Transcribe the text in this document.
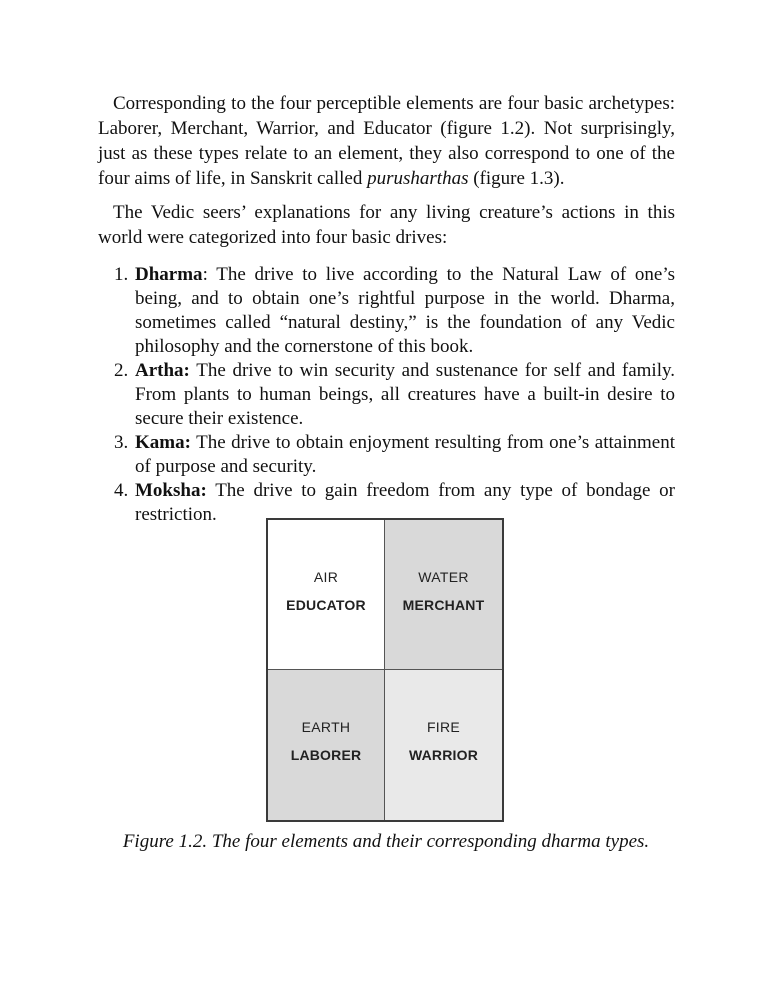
Corresponding to the four perceptible elements are four basic archetypes: Laborer, Merchant, Warrior, and Educator (figure 1.2). Not surprisingly, just as these types relate to an element, they also correspond to one of the four aims of life, in Sanskrit called purusharthas (figure 1.3).

The Vedic seers’ explanations for any living creature’s actions in this world were categorized into four basic drives:

1. Dharma: The drive to live according to the Natural Law of one’s being, and to obtain one’s rightful purpose in the world. Dharma, sometimes called “natural destiny,” is the foundation of any Vedic philosophy and the cornerstone of this book.
2. Artha: The drive to win security and sustenance for self and family. From plants to human beings, all creatures have a built-in desire to secure their existence.
3. Kama: The drive to obtain enjoyment resulting from one’s attainment of purpose and security.
4. Moksha: The drive to gain freedom from any type of bondage or restriction.
AIR
EDUCATOR
WATER
MERCHANT
EARTH
LABORER
FIRE
WARRIOR

Figure 1.2. The four elements and their corresponding dharma types.
